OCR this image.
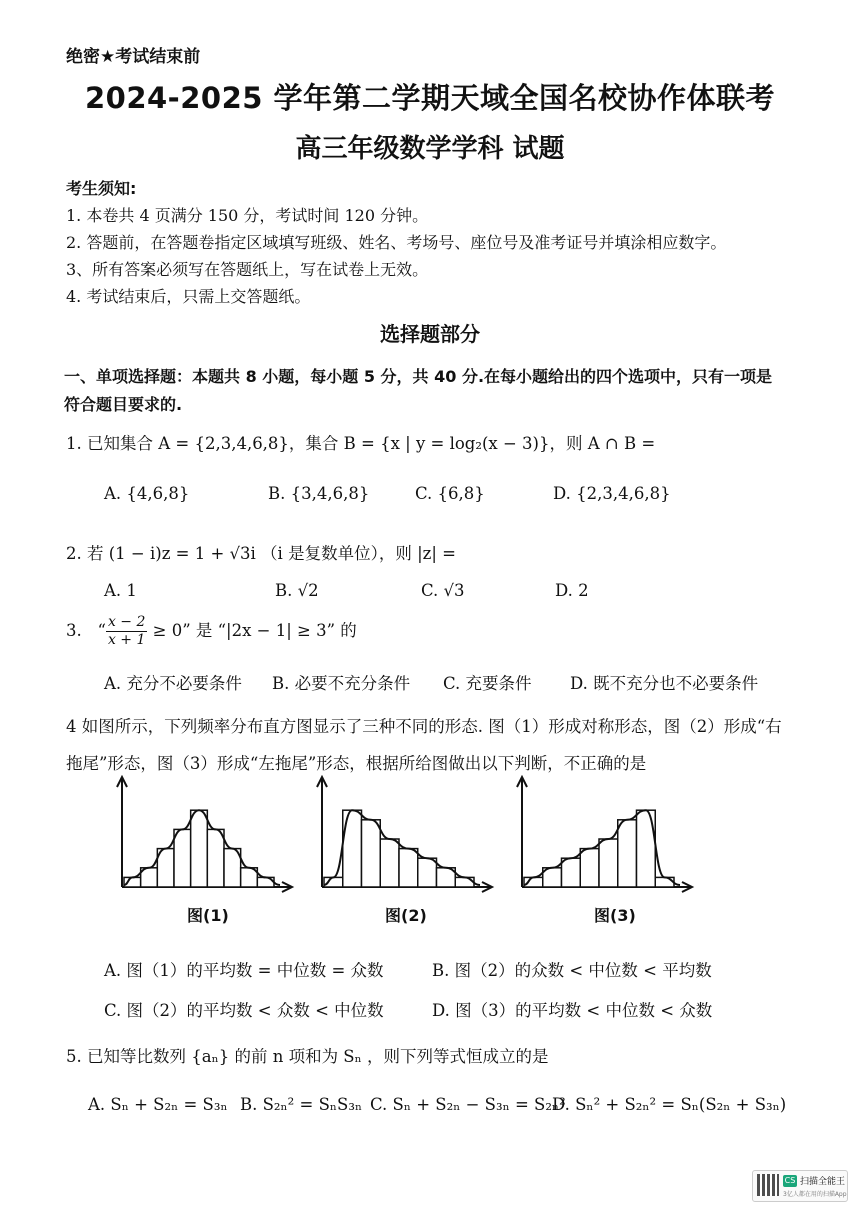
绝密★考试结束前
2024-2025 学年第二学期天域全国名校协作体联考
高三年级数学学科 试题
考生须知:
1. 本卷共 4 页满分 150 分，考试时间 120 分钟。
2. 答题前，在答题卷指定区域填写班级、姓名、考场号、座位号及准考证号并填涂相应数字。
3、所有答案必须写在答题纸上，写在试卷上无效。
4. 考试结束后，只需上交答题纸。
选择题部分
一、单项选择题：本题共 8 小题，每小题 5 分，共 40 分.在每小题给出的四个选项中，只有一项是
符合题目要求的.
1. 已知集合 A = {2,3,4,6,8}，集合 B = {x | y = log₂(x − 3)}，则 A ∩ B =
A. {4,6,8}	B. {3,4,6,8}	C. {6,8}	D. {2,3,4,6,8}
2. 若 (1 − i)z = 1 + √3i （i 是复数单位），则 |z| =
A. 1	B. √2	C. √3	D. 2
3. “ $\frac{x - 2}{x + 1} \ge 0$” 是 “|2x − 1| ≥ 3” 的
A. 充分不必要条件 B. 必要不充分条件 C. 充要条件 D. 既不充分也不必要条件
4 如图所示，下列频率分布直方图显示了三种不同的形态. 图（1）形成对称形态，图（2）形成“右
拖尾”形态，图（3）形成“左拖尾”形态，根据所给图做出以下判断，不正确的是
图(1)	图(2)	图(3)
A. 图（1）的平均数 = 中位数 = 众数	B. 图（2）的众数 < 中位数 < 平均数
C. 图（2）的平均数 < 众数 < 中位数	D. 图（3）的平均数 < 中位数 < 众数
5. 已知等比数列 {aₙ} 的前 n 项和为 Sₙ ，则下列等式恒成立的是
A. Sₙ + S₂ₙ = S₃ₙ B. S₂ₙ² = SₙS₃ₙ C. Sₙ + S₂ₙ − S₃ₙ = S₂ₙ²
D. Sₙ² + S₂ₙ² = Sₙ(S₂ₙ + S₃ₙ)
CS 扫描全能王
3亿人都在用的扫描App
